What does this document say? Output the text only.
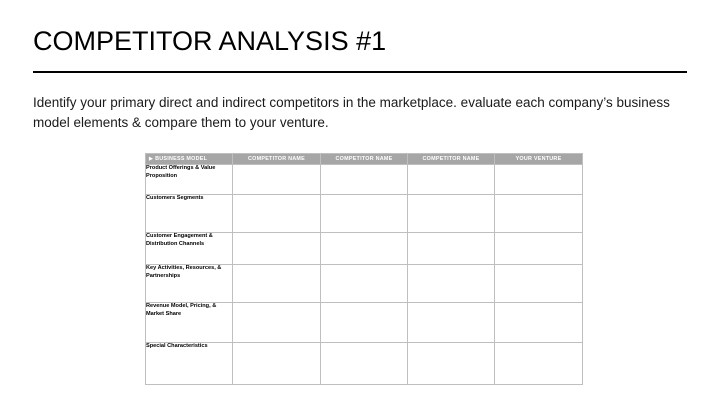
COMPETITOR ANALYSIS #1
Identify your primary direct and indirect competitors in the marketplace. evaluate each company’s business model elements & compare them to your venture.
▶ BUSINESS MODEL	COMPETITOR NAME	COMPETITOR NAME	COMPETITOR NAME	YOUR VENTURE
Product Offerings & Value Proposition				
Customers Segments				
Customer Engagement & Distribution Channels				
Key Activities, Resources, & Partnerships				
Revenue Model, Pricing, & Market Share				
Special Characteristics				
